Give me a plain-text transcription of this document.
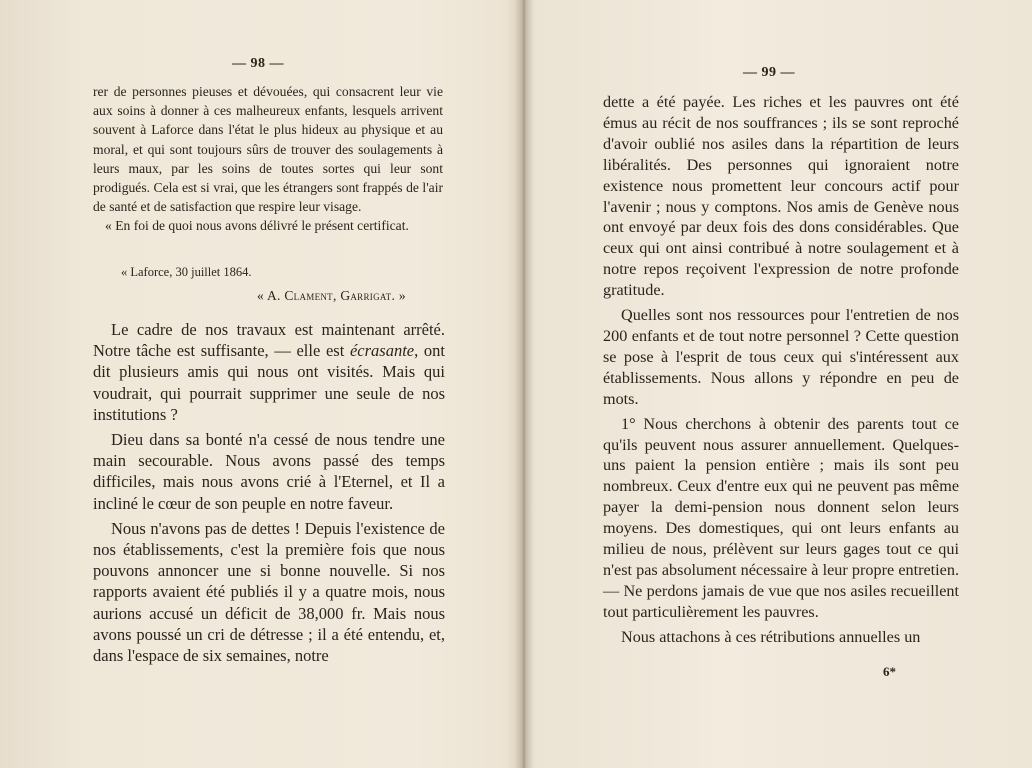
— 98 —

rer de personnes pieuses et dévouées, qui consacrent leur vie aux soins à donner à ces malheureux enfants, lesquels arrivent souvent à Laforce dans l'état le plus hideux au physique et au moral, et qui sont toujours sûrs de trouver des soulagements à leurs maux, par les soins de toutes sortes qui leur sont prodigués. Cela est si vrai, que les étrangers sont frappés de l'air de santé et de satisfaction que respire leur visage.

« En foi de quoi nous avons délivré le présent certificat.

« Laforce, 30 juillet 1864.
« A. Clament, Garrigat. »

Le cadre de nos travaux est maintenant arrêté. Notre tâche est suffisante, — elle est écrasante, ont dit plusieurs amis qui nous ont visités. Mais qui voudrait, qui pourrait supprimer une seule de nos institutions ?

Dieu dans sa bonté n'a cessé de nous tendre une main secourable. Nous avons passé des temps difficiles, mais nous avons crié à l'Eternel, et Il a incliné le cœur de son peuple en notre faveur.

Nous n'avons pas de dettes ! Depuis l'existence de nos établissements, c'est la première fois que nous pouvons annoncer une si bonne nouvelle. Si nos rapports avaient été publiés il y a quatre mois, nous aurions accusé un déficit de 38,000 fr. Mais nous avons poussé un cri de détresse ; il a été entendu, et, dans l'espace de six semaines, notre

— 99 —

dette a été payée. Les riches et les pauvres ont été émus au récit de nos souffrances ; ils se sont reproché d'avoir oublié nos asiles dans la répartition de leurs libéralités. Des personnes qui ignoraient notre existence nous promettent leur concours actif pour l'avenir ; nous y comptons. Nos amis de Genève nous ont envoyé par deux fois des dons considérables. Que ceux qui ont ainsi contribué à notre soulagement et à notre repos reçoivent l'expression de notre profonde gratitude.

Quelles sont nos ressources pour l'entretien de nos 200 enfants et de tout notre personnel ? Cette question se pose à l'esprit de tous ceux qui s'intéressent aux établissements. Nous allons y répondre en peu de mots.

1° Nous cherchons à obtenir des parents tout ce qu'ils peuvent nous assurer annuellement. Quelques-uns paient la pension entière ; mais ils sont peu nombreux. Ceux d'entre eux qui ne peuvent pas même payer la demi-pension nous donnent selon leurs moyens. Des domestiques, qui ont leurs enfants au milieu de nous, prélèvent sur leurs gages tout ce qui n'est pas absolument nécessaire à leur propre entretien. — Ne perdons jamais de vue que nos asiles recueillent tout particulièrement les pauvres.

Nous attachons à ces rétributions annuelles un

6*
